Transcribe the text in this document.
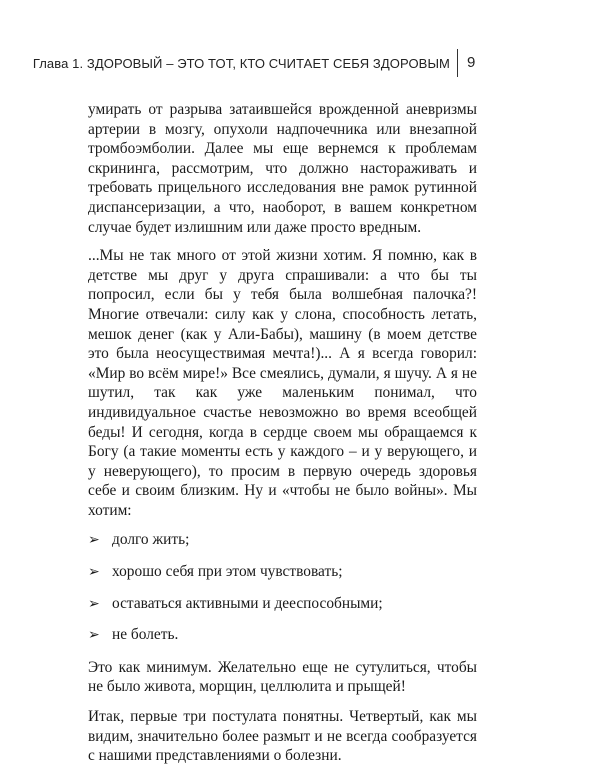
Глава 1. ЗДОРОВЫЙ – ЭТО ТОТ, КТО СЧИТАЕТ СЕБЯ ЗДОРОВЫМ 9

умирать от разрыва затаившейся врожденной аневризмы артерии в мозгу, опухоли надпочечника или внезапной тромбоэмболии. Далее мы еще вернемся к проблемам скрининга, рассмотрим, что должно настораживать и требовать прицельного исследования вне рамок рутинной диспансеризации, а что, наоборот, в вашем конкретном случае будет излишним или даже просто вредным.

...Мы не так много от этой жизни хотим. Я помню, как в детстве мы друг у друга спрашивали: а что бы ты попросил, если бы у тебя была волшебная палочка?! Многие отвечали: силу как у слона, способность летать, мешок денег (как у Али-Бабы), машину (в моем детстве это была неосуществимая мечта!)... А я всегда говорил: «Мир во всём мире!» Все смеялись, думали, я шучу. А я не шутил, так как уже маленьким понимал, что индивидуальное счастье невозможно во время всеобщей беды! И сегодня, когда в сердце своем мы обращаемся к Богу (а такие моменты есть у каждого – и у верующего, и у неверующего), то просим в первую очередь здоровья себе и своим близким. Ну и «чтобы не было войны». Мы хотим:

➢ долго жить;
➢ хорошо себя при этом чувствовать;
➢ оставаться активными и дееспособными;
➢ не болеть.

Это как минимум. Желательно еще не сутулиться, чтобы не было живота, морщин, целлюлита и прыщей!

Итак, первые три постулата понятны. Четвертый, как мы видим, значительно более размыт и не всегда сообразуется с нашими представлениями о болезни.
